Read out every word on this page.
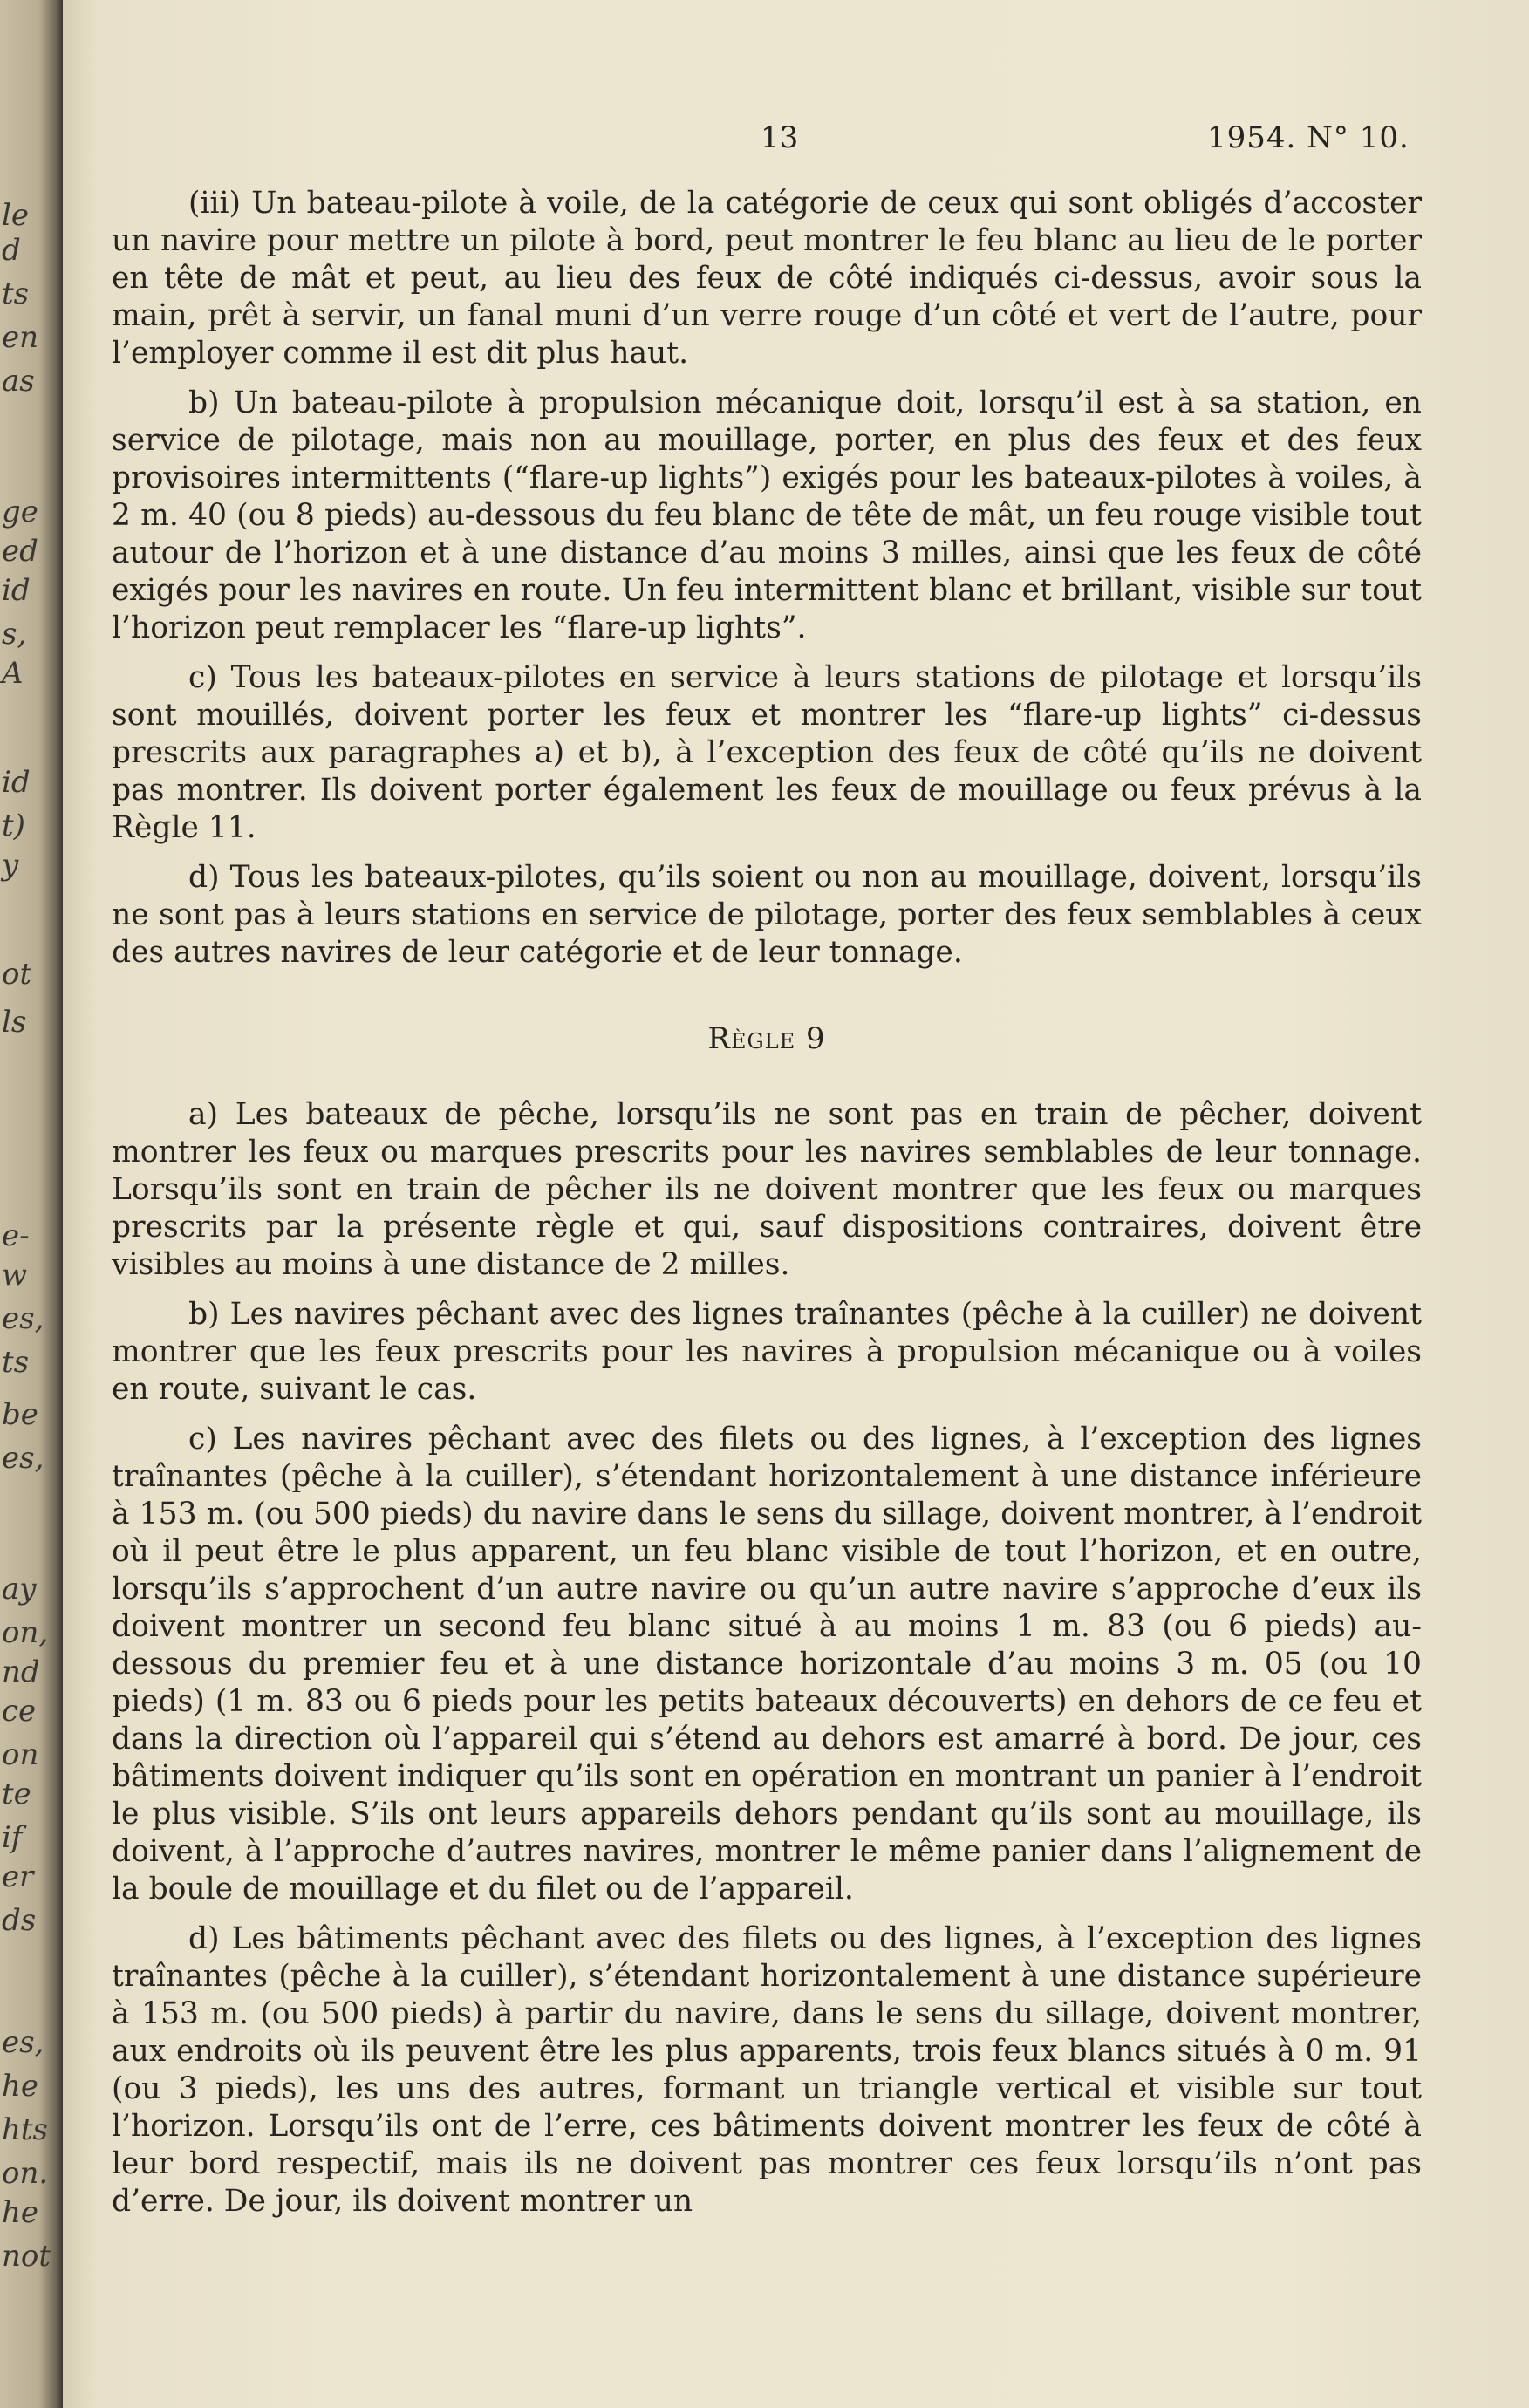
le
d
ts
en
as
ge
ed
id
s,
A
id
t)
y
ot
ls
e-
w
es,
ts
be
es,
ay
on,
nd
ce
on
te
if
er
ds
es,
he
hts
on.
he
not
13	1954. N° 10.

(iii) Un bateau-pilote à voile, de la catégorie de ceux qui sont obligés d’accoster un navire pour mettre un pilote à bord, peut montrer le feu blanc au lieu de le porter en tête de mât et peut, au lieu des feux de côté indiqués ci-dessus, avoir sous la main, prêt à servir, un fanal muni d’un verre rouge d’un côté et vert de l’autre, pour l’employer comme il est dit plus haut.

b) Un bateau-pilote à propulsion mécanique doit, lorsqu’il est à sa station, en service de pilotage, mais non au mouillage, porter, en plus des feux et des feux provisoires intermittents (“flare-up lights”) exigés pour les bateaux-pilotes à voiles, à 2 m. 40 (ou 8 pieds) au-dessous du feu blanc de tête de mât, un feu rouge visible tout autour de l’horizon et à une distance d’au moins 3 milles, ainsi que les feux de côté exigés pour les navires en route. Un feu intermittent blanc et brillant, visible sur tout l’horizon peut remplacer les “flare-up lights”.

c) Tous les bateaux-pilotes en service à leurs stations de pilotage et lorsqu’ils sont mouillés, doivent porter les feux et montrer les “flare-up lights” ci-dessus prescrits aux paragraphes a) et b), à l’exception des feux de côté qu’ils ne doivent pas montrer. Ils doivent porter également les feux de mouillage ou feux prévus à la Règle 11.

d) Tous les bateaux-pilotes, qu’ils soient ou non au mouillage, doivent, lorsqu’ils ne sont pas à leurs stations en service de pilotage, porter des feux semblables à ceux des autres navires de leur catégorie et de leur tonnage.

Règle 9

a) Les bateaux de pêche, lorsqu’ils ne sont pas en train de pêcher, doivent montrer les feux ou marques prescrits pour les navires semblables de leur tonnage. Lorsqu’ils sont en train de pêcher ils ne doivent montrer que les feux ou marques prescrits par la présente règle et qui, sauf dispositions contraires, doivent être visibles au moins à une distance de 2 milles.

b) Les navires pêchant avec des lignes traînantes (pêche à la cuiller) ne doivent montrer que les feux prescrits pour les navires à propulsion mécanique ou à voiles en route, suivant le cas.

c) Les navires pêchant avec des filets ou des lignes, à l’exception des lignes traînantes (pêche à la cuiller), s’étendant horizontalement à une distance inférieure à 153 m. (ou 500 pieds) du navire dans le sens du sillage, doivent montrer, à l’endroit où il peut être le plus apparent, un feu blanc visible de tout l’horizon, et en outre, lorsqu’ils s’approchent d’un autre navire ou qu’un autre navire s’approche d’eux ils doivent montrer un second feu blanc situé à au moins 1 m. 83 (ou 6 pieds) au-dessous du premier feu et à une distance horizontale d’au moins 3 m. 05 (ou 10 pieds) (1 m. 83 ou 6 pieds pour les petits bateaux découverts) en dehors de ce feu et dans la direction où l’appareil qui s’étend au dehors est amarré à bord. De jour, ces bâtiments doivent indiquer qu’ils sont en opération en montrant un panier à l’endroit le plus visible. S’ils ont leurs appareils dehors pendant qu’ils sont au mouillage, ils doivent, à l’approche d’autres navires, montrer le même panier dans l’alignement de la boule de mouillage et du filet ou de l’appareil.

d) Les bâtiments pêchant avec des filets ou des lignes, à l’exception des lignes traînantes (pêche à la cuiller), s’étendant horizontalement à une distance supérieure à 153 m. (ou 500 pieds) à partir du navire, dans le sens du sillage, doivent montrer, aux endroits où ils peuvent être les plus apparents, trois feux blancs situés à 0 m. 91 (ou 3 pieds), les uns des autres, formant un triangle vertical et visible sur tout l’horizon. Lorsqu’ils ont de l’erre, ces bâtiments doivent montrer les feux de côté à leur bord respectif, mais ils ne doivent pas montrer ces feux lorsqu’ils n’ont pas d’erre. De jour, ils doivent montrer un
